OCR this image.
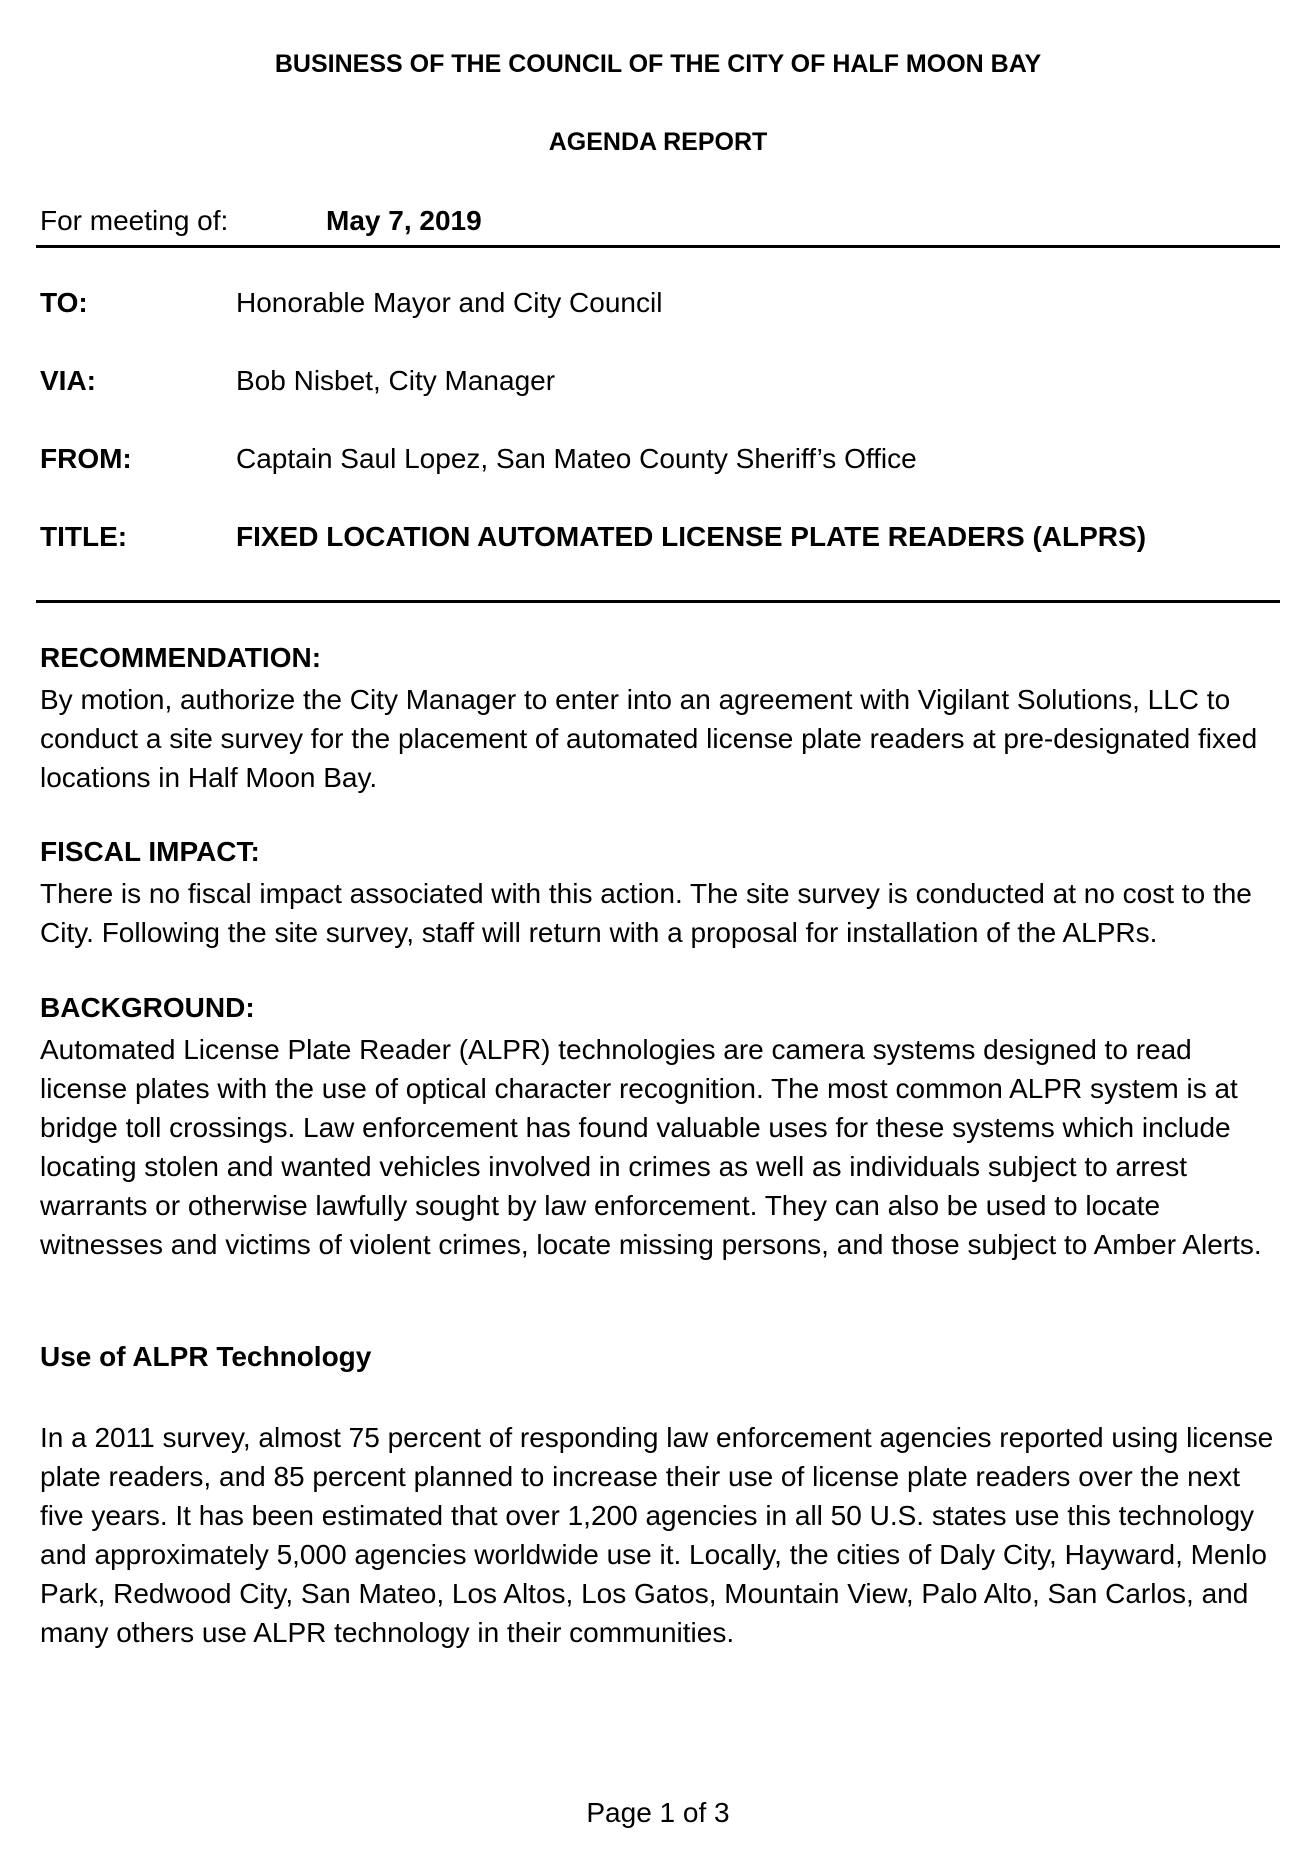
BUSINESS OF THE COUNCIL OF THE CITY OF HALF MOON BAY
AGENDA REPORT
For meeting of:	May 7, 2019
TO:	Honorable Mayor and City Council
VIA:	Bob Nisbet, City Manager
FROM:	Captain Saul Lopez, San Mateo County Sheriff’s Office
TITLE:	FIXED LOCATION AUTOMATED LICENSE PLATE READERS (ALPRS)
RECOMMENDATION:
By motion, authorize the City Manager to enter into an agreement with Vigilant Solutions, LLC to conduct a site survey for the placement of automated license plate readers at pre-designated fixed locations in Half Moon Bay.
FISCAL IMPACT:
There is no fiscal impact associated with this action. The site survey is conducted at no cost to the City. Following the site survey, staff will return with a proposal for installation of the ALPRs.
BACKGROUND:
Automated License Plate Reader (ALPR) technologies are camera systems designed to read license plates with the use of optical character recognition. The most common ALPR system is at bridge toll crossings. Law enforcement has found valuable uses for these systems which include locating stolen and wanted vehicles involved in crimes as well as individuals subject to arrest warrants or otherwise lawfully sought by law enforcement. They can also be used to locate witnesses and victims of violent crimes, locate missing persons, and those subject to Amber Alerts.
Use of ALPR Technology
In a 2011 survey, almost 75 percent of responding law enforcement agencies reported using license plate readers, and 85 percent planned to increase their use of license plate readers over the next five years. It has been estimated that over 1,200 agencies in all 50 U.S. states use this technology and approximately 5,000 agencies worldwide use it. Locally, the cities of Daly City, Hayward, Menlo Park, Redwood City, San Mateo, Los Altos, Los Gatos, Mountain View, Palo Alto, San Carlos, and many others use ALPR technology in their communities.
Page 1 of 3
